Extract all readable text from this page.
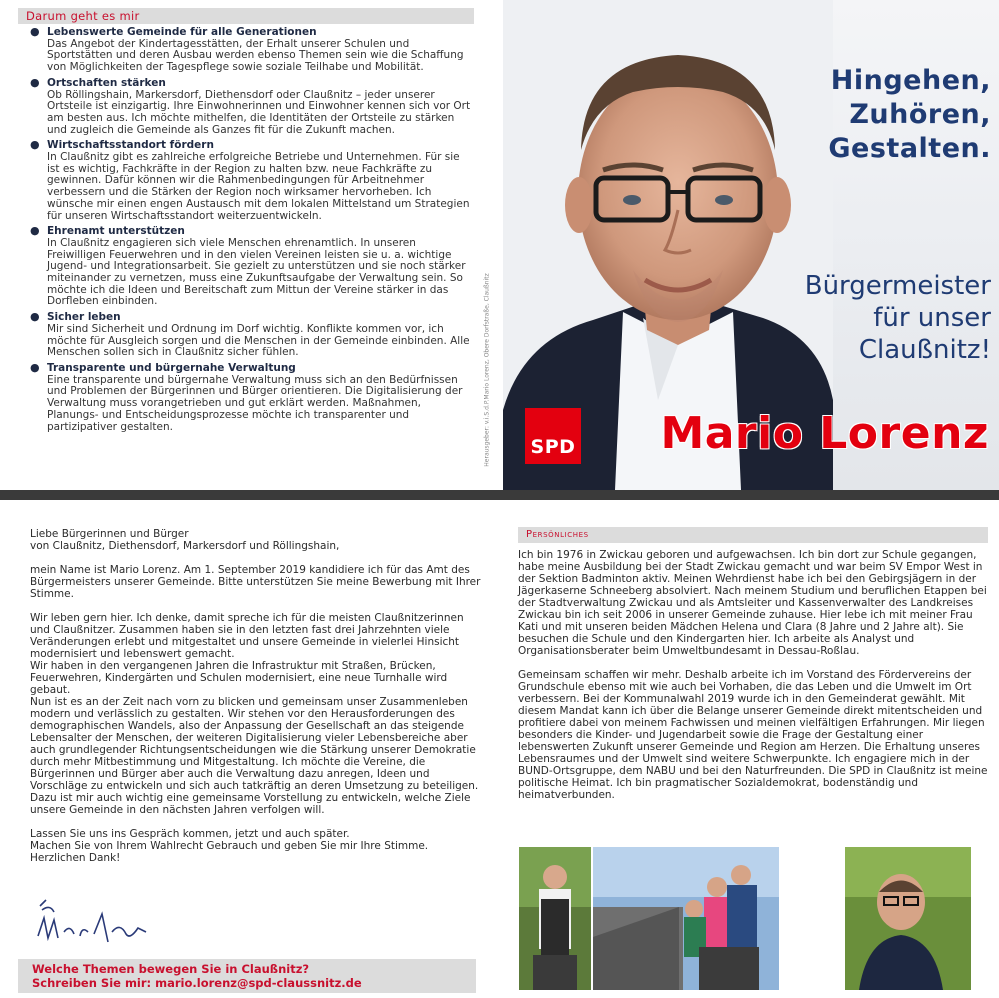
Darum geht es mir
● Lebenswerte Gemeinde für alle Generationen
Das Angebot der Kindertagesstätten, der Erhalt unserer Schulen und Sportstätten und deren Ausbau werden ebenso Themen sein wie die Schaffung von Möglichkeiten der Tagespflege sowie soziale Teilhabe und Mobilität.
● Ortschaften stärken
Ob Röllingshain, Markersdorf, Diethensdorf oder Claußnitz – jeder unserer Ortsteile ist einzigartig. Ihre Einwohnerinnen und Einwohner kennen sich vor Ort am besten aus. Ich möchte mithelfen, die Identitäten der Ortsteile zu stärken und zugleich die Gemeinde als Ganzes fit für die Zukunft machen.
● Wirtschaftsstandort fördern
In Claußnitz gibt es zahlreiche erfolgreiche Betriebe und Unternehmen. Für sie ist es wichtig, Fachkräfte in der Region zu halten bzw. neue Fachkräfte zu gewinnen. Dafür können wir die Rahmenbedingungen für Arbeitnehmer verbessern und die Stärken der Region noch wirksamer hervorheben. Ich wünsche mir einen engen Austausch mit dem lokalen Mittelstand um Strategien für unseren Wirtschaftsstandort weiterzuentwickeln.
● Ehrenamt unterstützen
In Claußnitz engagieren sich viele Menschen ehrenamtlich. In unseren Freiwilligen Feuerwehren und in den vielen Vereinen leisten sie u. a. wichtige Jugend- und Integrationsarbeit. Sie gezielt zu unterstützen und sie noch stärker miteinander zu vernetzen, muss eine Zukunftsaufgabe der Verwaltung sein. So möchte ich die Ideen und Bereitschaft zum Mittun der Vereine stärker in das Dorfleben einbinden.
● Sicher leben
Mir sind Sicherheit und Ordnung im Dorf wichtig. Konflikte kommen vor, ich möchte für Ausgleich sorgen und die Menschen in der Gemeinde einbinden. Alle Menschen sollen sich in Claußnitz sicher fühlen.
● Transparente und bürgernahe Verwaltung
Eine transparente und bürgernahe Verwaltung muss sich an den Bedürfnissen und Problemen der Bürgerinnen und Bürger orientieren. Die Digitalisierung der Verwaltung muss vorangetrieben und gut erklärt werden. Maßnahmen, Planungs- und Entscheidungsprozesse möchte ich transparenter und partizipativer gestalten.	Herausgeber: v.i.S.d.P.Mario Lorenz, Obere Dorfstraße, Claußnitz
Hingehen,
Zuhören,
Gestalten.
Bürgermeister
für unser
Claußnitz!
SPD Mario Lorenz

Liebe Bürgerinnen und Bürger

von Claußnitz, Diethensdorf, Markersdorf und Röllingshain,

mein Name ist Mario Lorenz. Am 1. September 2019 kandidiere ich für das Amt des Bürgermeisters unserer Gemeinde. Bitte unterstützen Sie meine Bewerbung mit Ihrer Stimme.

Wir leben gern hier. Ich denke, damit spreche ich für die meisten Claußnitzerinnen und Claußnitzer. Zusammen haben sie in den letzten fast drei Jahrzehnten viele Veränderungen erlebt und mitgestaltet und unsere Gemeinde in vielerlei Hinsicht modernisiert und lebenswert gemacht.

Wir haben in den vergangenen Jahren die Infrastruktur mit Straßen, Brücken, Feuerwehren, Kindergärten und Schulen modernisiert, eine neue Turnhalle wird gebaut.

Nun ist es an der Zeit nach vorn zu blicken und gemeinsam unser Zusammenleben modern und verlässlich zu gestalten. Wir stehen vor den Herausforderungen des demographischen Wandels, also der Anpassung der Gesellschaft an das steigende Lebensalter der Menschen, der weiteren Digitalisierung vieler Lebensbereiche aber auch grundlegender Richtungsentscheidungen wie die Stärkung unserer Demokratie durch mehr Mitbestimmung und Mitgestaltung. Ich möchte die Vereine, die Bürgerinnen und Bürger aber auch die Verwaltung dazu anregen, Ideen und Vorschläge zu entwickeln und sich auch tatkräftig an deren Umsetzung zu beteiligen. Dazu ist mir auch wichtig eine gemeinsame Vorstellung zu entwickeln, welche Ziele unsere Gemeinde in den nächsten Jahren verfolgen will.

Lassen Sie uns ins Gespräch kommen, jetzt und auch später.

Machen Sie von Ihrem Wahlrecht Gebrauch und geben Sie mir Ihre Stimme.

Herzlichen Dank!

Welche Themen bewegen Sie in Claußnitz?
Schreiben Sie mir: mario.lorenz@spd-claussnitz.de
Persönliches

Ich bin 1976 in Zwickau geboren und aufgewachsen. Ich bin dort zur Schule gegangen, habe meine Ausbildung bei der Stadt Zwickau gemacht und war beim SV Empor West in der Sektion Badminton aktiv. Meinen Wehrdienst habe ich bei den Gebirgsjägern in der Jägerkaserne Schneeberg absolviert. Nach meinem Studium und beruflichen Etappen bei der Stadtverwaltung Zwickau und als Amtsleiter und Kassenverwalter des Landkreises Zwickau bin ich seit 2006 in unserer Gemeinde zuhause. Hier lebe ich mit meiner Frau Kati und mit unseren beiden Mädchen Helena und Clara (8 Jahre und 2 Jahre alt). Sie besuchen die Schule und den Kindergarten hier. Ich arbeite als Analyst und Organisationsberater beim Umweltbundesamt in Dessau-Roßlau.

Gemeinsam schaffen wir mehr. Deshalb arbeite ich im Vorstand des Fördervereins der Grundschule ebenso mit wie auch bei Vorhaben, die das Leben und die Umwelt im Ort verbessern. Bei der Kommunalwahl 2019 wurde ich in den Gemeinderat gewählt. Mit diesem Mandat kann ich über die Belange unserer Gemeinde direkt mitentscheiden und profitiere dabei von meinem Fachwissen und meinen vielfältigen Erfahrungen. Mir liegen besonders die Kinder- und Jugendarbeit sowie die Frage der Gestaltung einer lebenswerten Zukunft unserer Gemeinde und Region am Herzen. Die Erhaltung unseres Lebensraumes und der Umwelt sind weitere Schwerpunkte. Ich engagiere mich in der BUND-Ortsgruppe, dem NABU und bei den Naturfreunden. Die SPD in Claußnitz ist meine politische Heimat. Ich bin pragmatischer Sozialdemokrat, bodenständig und heimatverbunden.
